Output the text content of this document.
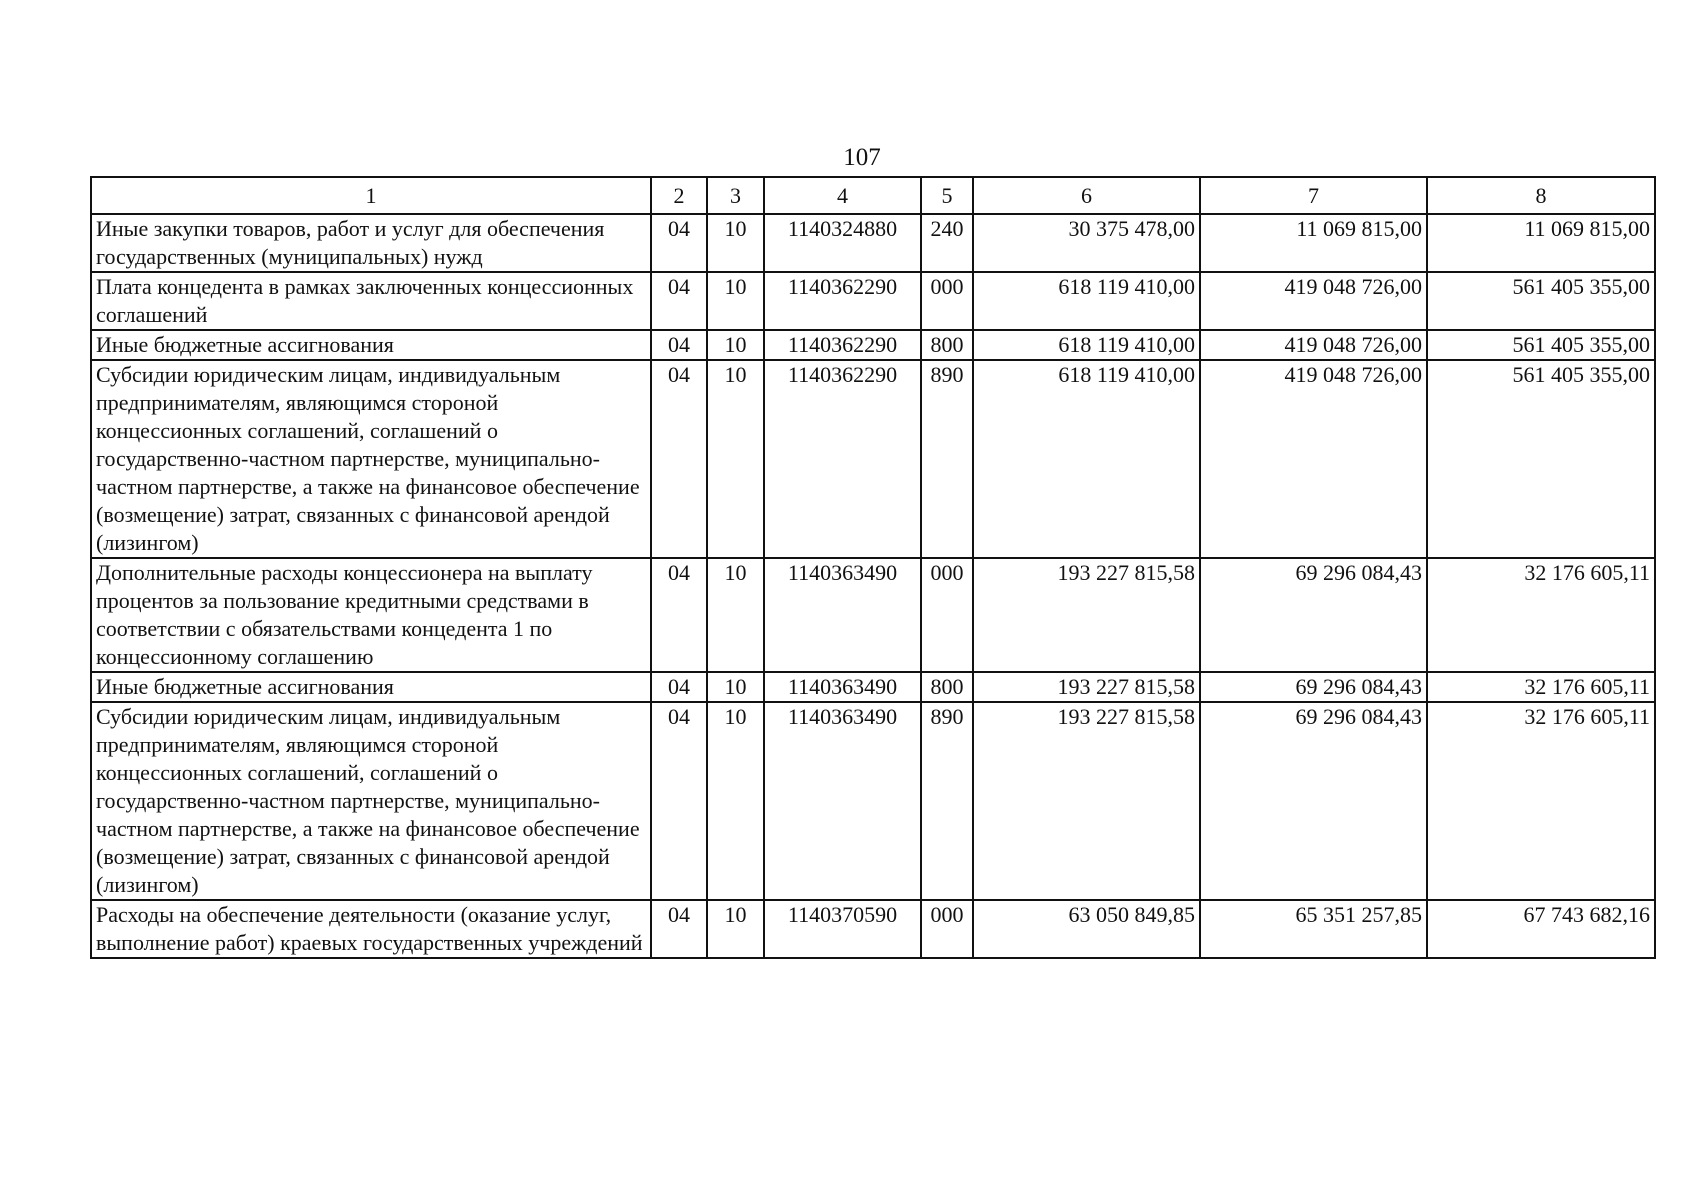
107
1	2	3	4	5	6	7	8
Иные закупки товаров, работ и услуг для обеспечения государственных (муниципальных) нужд	04	10	1140324880	240	30 375 478,00	11 069 815,00	11 069 815,00
Плата концедента в рамках заключенных концессионных соглашений	04	10	1140362290	000	618 119 410,00	419 048 726,00	561 405 355,00
Иные бюджетные ассигнования	04	10	1140362290	800	618 119 410,00	419 048 726,00	561 405 355,00
Субсидии юридическим лицам, индивидуальным предпринимателям, являющимся стороной концессионных соглашений, соглашений о государственно-частном партнерстве, муниципально-частном партнерстве, а также на финансовое обеспечение (возмещение) затрат, связанных с финансовой арендой (лизингом)	04	10	1140362290	890	618 119 410,00	419 048 726,00	561 405 355,00
Дополнительные расходы концессионера на выплату процентов за пользование кредитными средствами в соответствии с обязательствами концедента 1 по концессионному соглашению	04	10	1140363490	000	193 227 815,58	69 296 084,43	32 176 605,11
Иные бюджетные ассигнования	04	10	1140363490	800	193 227 815,58	69 296 084,43	32 176 605,11
Субсидии юридическим лицам, индивидуальным предпринимателям, являющимся стороной концессионных соглашений, соглашений о государственно-частном партнерстве, муниципально-частном партнерстве, а также на финансовое обеспечение (возмещение) затрат, связанных с финансовой арендой (лизингом)	04	10	1140363490	890	193 227 815,58	69 296 084,43	32 176 605,11
Расходы на обеспечение деятельности (оказание услуг, выполнение работ) краевых государственных учреждений	04	10	1140370590	000	63 050 849,85	65 351 257,85	67 743 682,16
